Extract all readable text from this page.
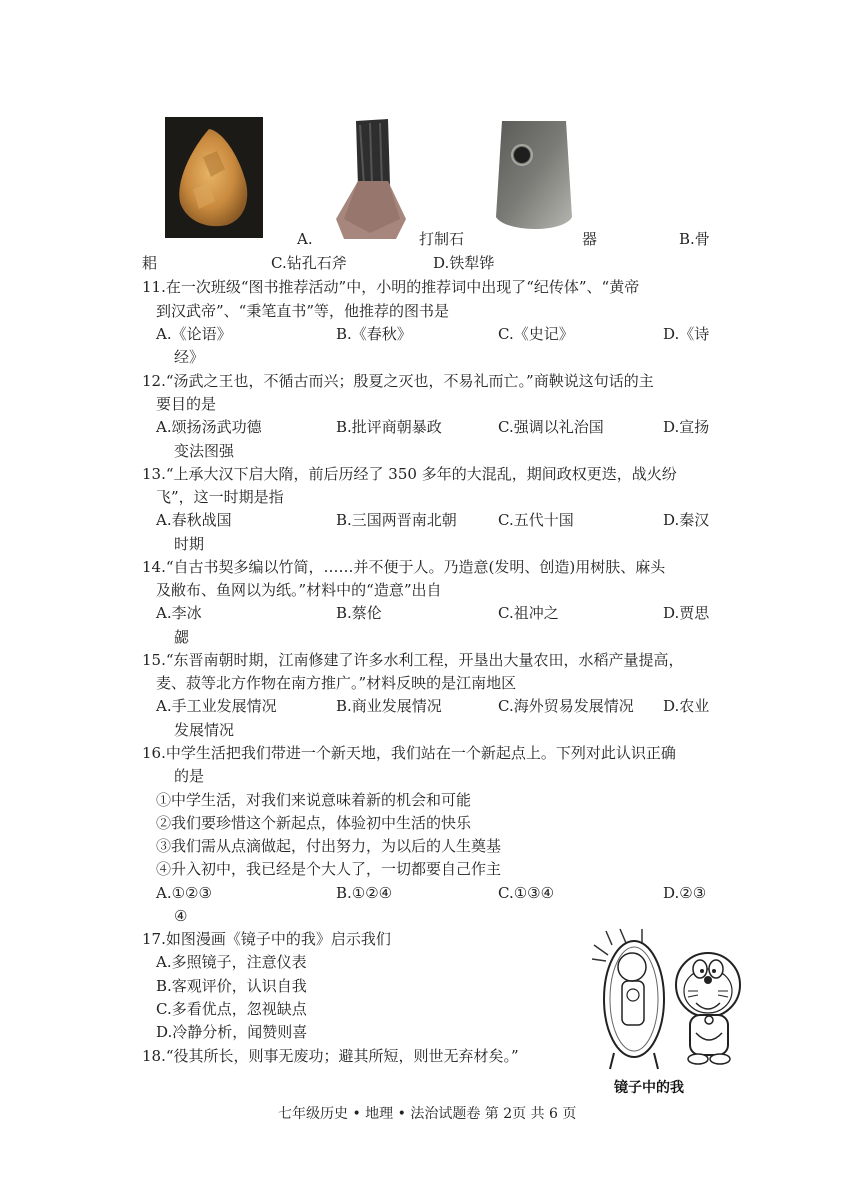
A.	打制石	器	B.骨
耜	C.钻孔石斧	D.铁犁铧
11.在一次班级“图书推荐活动”中，小明的推荐词中出现了“纪传体”、“黄帝
到汉武帝”、“秉笔直书”等，他推荐的图书是
A.《论语》	B.《春秋》	C.《史记》	D.《诗
经》
12.“汤武之王也，不循古而兴；殷夏之灭也，不易礼而亡。”商鞅说这句话的主
要目的是
A.颂扬汤武功德	B.批评商朝暴政	C.强调以礼治国	D.宣扬
变法图强
13.“上承大汉下启大隋，前后历经了 350 多年的大混乱，期间政权更迭，战火纷
飞”，这一时期是指
A.春秋战国	B.三国两晋南北朝	C.五代十国	D.秦汉
时期
14.“自古书契多编以竹简，……并不便于人。乃造意(发明、创造)用树肤、麻头
及敝布、鱼网以为纸。”材料中的“造意”出自
A.李冰	B.蔡伦	C.祖冲之	D.贾思
勰
15.“东晋南朝时期，江南修建了许多水利工程，开垦出大量农田，水稻产量提高，
麦、菽等北方作物在南方推广。”材料反映的是江南地区
A.手工业发展情况	B.商业发展情况	C.海外贸易发展情况 D.农业
发展情况
16.中学生活把我们带进一个新天地，我们站在一个新起点上。下列对此认识正确
的是
①中学生活，对我们来说意味着新的机会和可能
②我们要珍惜这个新起点，体验初中生活的快乐
③我们需从点滴做起，付出努力，为以后的人生奠基
④升入初中，我已经是个大人了，一切都要自己作主
A.①②③	B.①②④	C.①③④	D.②③
④
17.如图漫画《镜子中的我》启示我们
A.多照镜子，注意仪表
B.客观评价，认识自我
C.多看优点，忽视缺点
D.冷静分析，闻赞则喜
镜子中的我
18.“役其所长，则事无废功；避其所短，则世无弃材矣。”
七年级历史 • 地理 • 法治试题卷 第 2页 共 6 页
